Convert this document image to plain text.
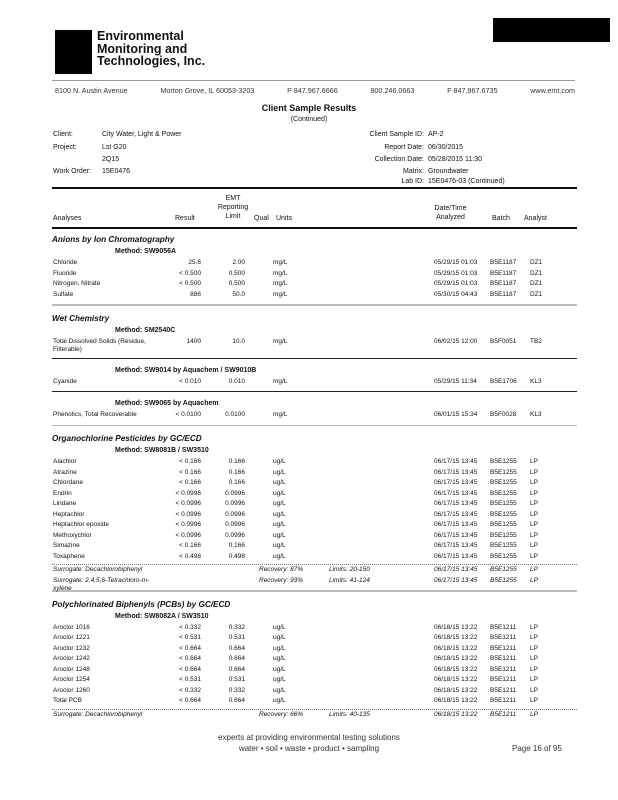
Environmental
Monitoring and
Technologies, Inc.
8100 N. Austin Avenue	Morton Grove, IL 60053-3203	P 847.967.6666	800.246.0663	F 847.967.6735	www.emt.com
Client Sample Results
(Continued)
Client:	City Water, Light & Power
Project:	Lst G20
2Q15
Work Order: 15E0476
Client Sample ID: AP-2
Report Date: 06/30/2015
Collection Date: 05/28/2015 11:30
Matrix: Groundwater
Lab ID: 15E0476-03 (Continued)
Analyses	Result
EMT
Reporting
Limit	Qual Units
Date/Time
Analyzed	Batch Analyst
Anions by Ion Chromatography
Method: SW9056A
Chloride	25.6	2.00	mg/L	05/29/15 01:03 B5E1187 DZ1
Fluoride	< 0.500	0.500	mg/L	05/29/15 01:03 B5E1187 DZ1
Nitrogen, Nitrate	< 0.500	0.500	mg/L	05/29/15 01:03 B5E1187 DZ1
Sulfate	886	50.0	mg/L	05/30/15 04:43 B5E1187 DZ1
Wet Chemistry
Method: SM2540C
Total Dissolved Solids (Residue, Filterable)
1400	10.0	mg/L	06/02/15 12:00 B5F0051 TB2
Method: SW9014 by Aquachem / SW9010B
Cyanide	< 0.010	0.010	mg/L	05/29/15 11:34 B5E1706 KL3
Method: SW9065 by Aquachem
Phenolics, Total Recoverable	< 0.0100	0.0100	mg/L	06/01/15 15:34 B5F0028 KL3
Organochlorine Pesticides by GC/ECD
Method: SW8081B / SW3510
Alachlor	< 0.166	0.166	ug/L	06/17/15 13:45 B5E1255 LP
Atrazine	< 0.166	0.166	ug/L	06/17/15 13:45 B5E1255 LP
Chlordane	< 0.166	0.166	ug/L	06/17/15 13:45 B5E1255 LP
Endrin	< 0.0996	0.0996	ug/L	06/17/15 13:45 B5E1255 LP
Lindane	< 0.0996	0.0996	ug/L	06/17/15 13:45 B5E1255 LP
Heptachlor	< 0.0996	0.0996	ug/L	06/17/15 13:45 B5E1255 LP
Heptachlor epoxide	< 0.0996	0.0996	ug/L	06/17/15 13:45 B5E1255 LP
Methoxychlor	< 0.0996	0.0996	ug/L	06/17/15 13:45 B5E1255 LP
Simazine	< 0.166	0.166	ug/L	06/17/15 13:45 B5E1255 LP
Toxaphene	< 0.498	0.498	ug/L	06/17/15 13:45 B5E1255 LP
Surrogate: Decachlorobiphenyl	Recovery: 87%	Limits: 20-150	06/17/15 13:45 B5E1255 LP
Surrogate: 2,4,5,6-Tetrachloro-m-xylene
Recovery: 93%	Limits: 41-124	06/17/15 13:45 B5E1255 LP
Polychlorinated Biphenyls (PCBs) by GC/ECD
Method: SW8082A / SW3510
Aroclor 1016	< 0.332	0.332	ug/L	06/18/15 13:22 B5E1211 LP
Aroclor 1221	< 0.531	0.531	ug/L	06/18/15 13:22 B5E1211 LP
Aroclor 1232	< 0.664	0.664	ug/L	06/18/15 13:22 B5E1211 LP
Aroclor 1242	< 0.664	0.664	ug/L	06/18/15 13:22 B5E1211 LP
Aroclor 1248	< 0.664	0.664	ug/L	06/18/15 13:22 B5E1211 LP
Aroclor 1254	< 0.531	0.531	ug/L	06/18/15 13:22 B5E1211 LP
Aroclor 1260	< 0.332	0.332	ug/L	06/18/15 13:22 B5E1211 LP
Total PCB	< 0.664	0.664	ug/L	06/18/15 13:22 B5E1211 LP
Surrogate: Decachlorobiphenyl	Recovery: 66%	Limits: 40-135	06/18/15 13:22 B5E1211 LP
experts at providing environmental testing solutions
water • soil • waste • product • sampling	Page 16 of 95
